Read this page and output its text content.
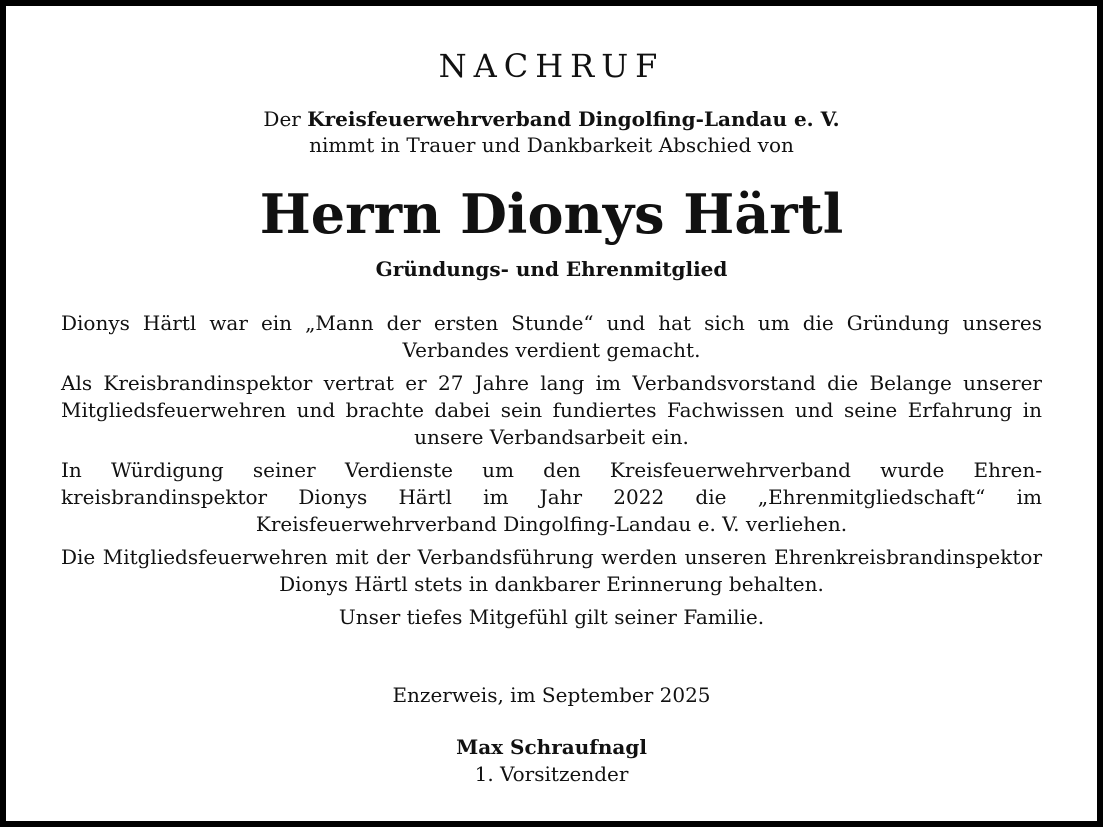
NACHRUF
Der Kreisfeuerwehrverband Dingolfing-Landau e. V.
nimmt in Trauer und Dankbarkeit Abschied von
Herrn Dionys Härtl
Gründungs- und Ehrenmitglied

Dionys Härtl war ein „Mann der ersten Stunde“ und hat sich um die Gründung unseres Verbandes verdient gemacht.

Als Kreisbrandinspektor vertrat er 27 Jahre lang im Verbandsvorstand die Belange unserer Mitgliedsfeuerwehren und brachte dabei sein fundiertes Fachwissen und seine Erfahrung in unsere Verbandsarbeit ein.

In Würdigung seiner Verdienste um den Kreisfeuerwehrverband wurde Ehrenkreisbrandinspektor Dionys Härtl im Jahr 2022 die „Ehrenmitgliedschaft“ im Kreisfeuerwehrverband Dingolfing-Landau e. V. verliehen.

Die Mitgliedsfeuerwehren mit der Verbandsführung werden unseren Ehrenkreisbrandinspektor Dionys Härtl stets in dankbarer Erinnerung behalten.

Unser tiefes Mitgefühl gilt seiner Familie.

Enzerweis, im September 2025
Max Schraufnagl
1. Vorsitzender
